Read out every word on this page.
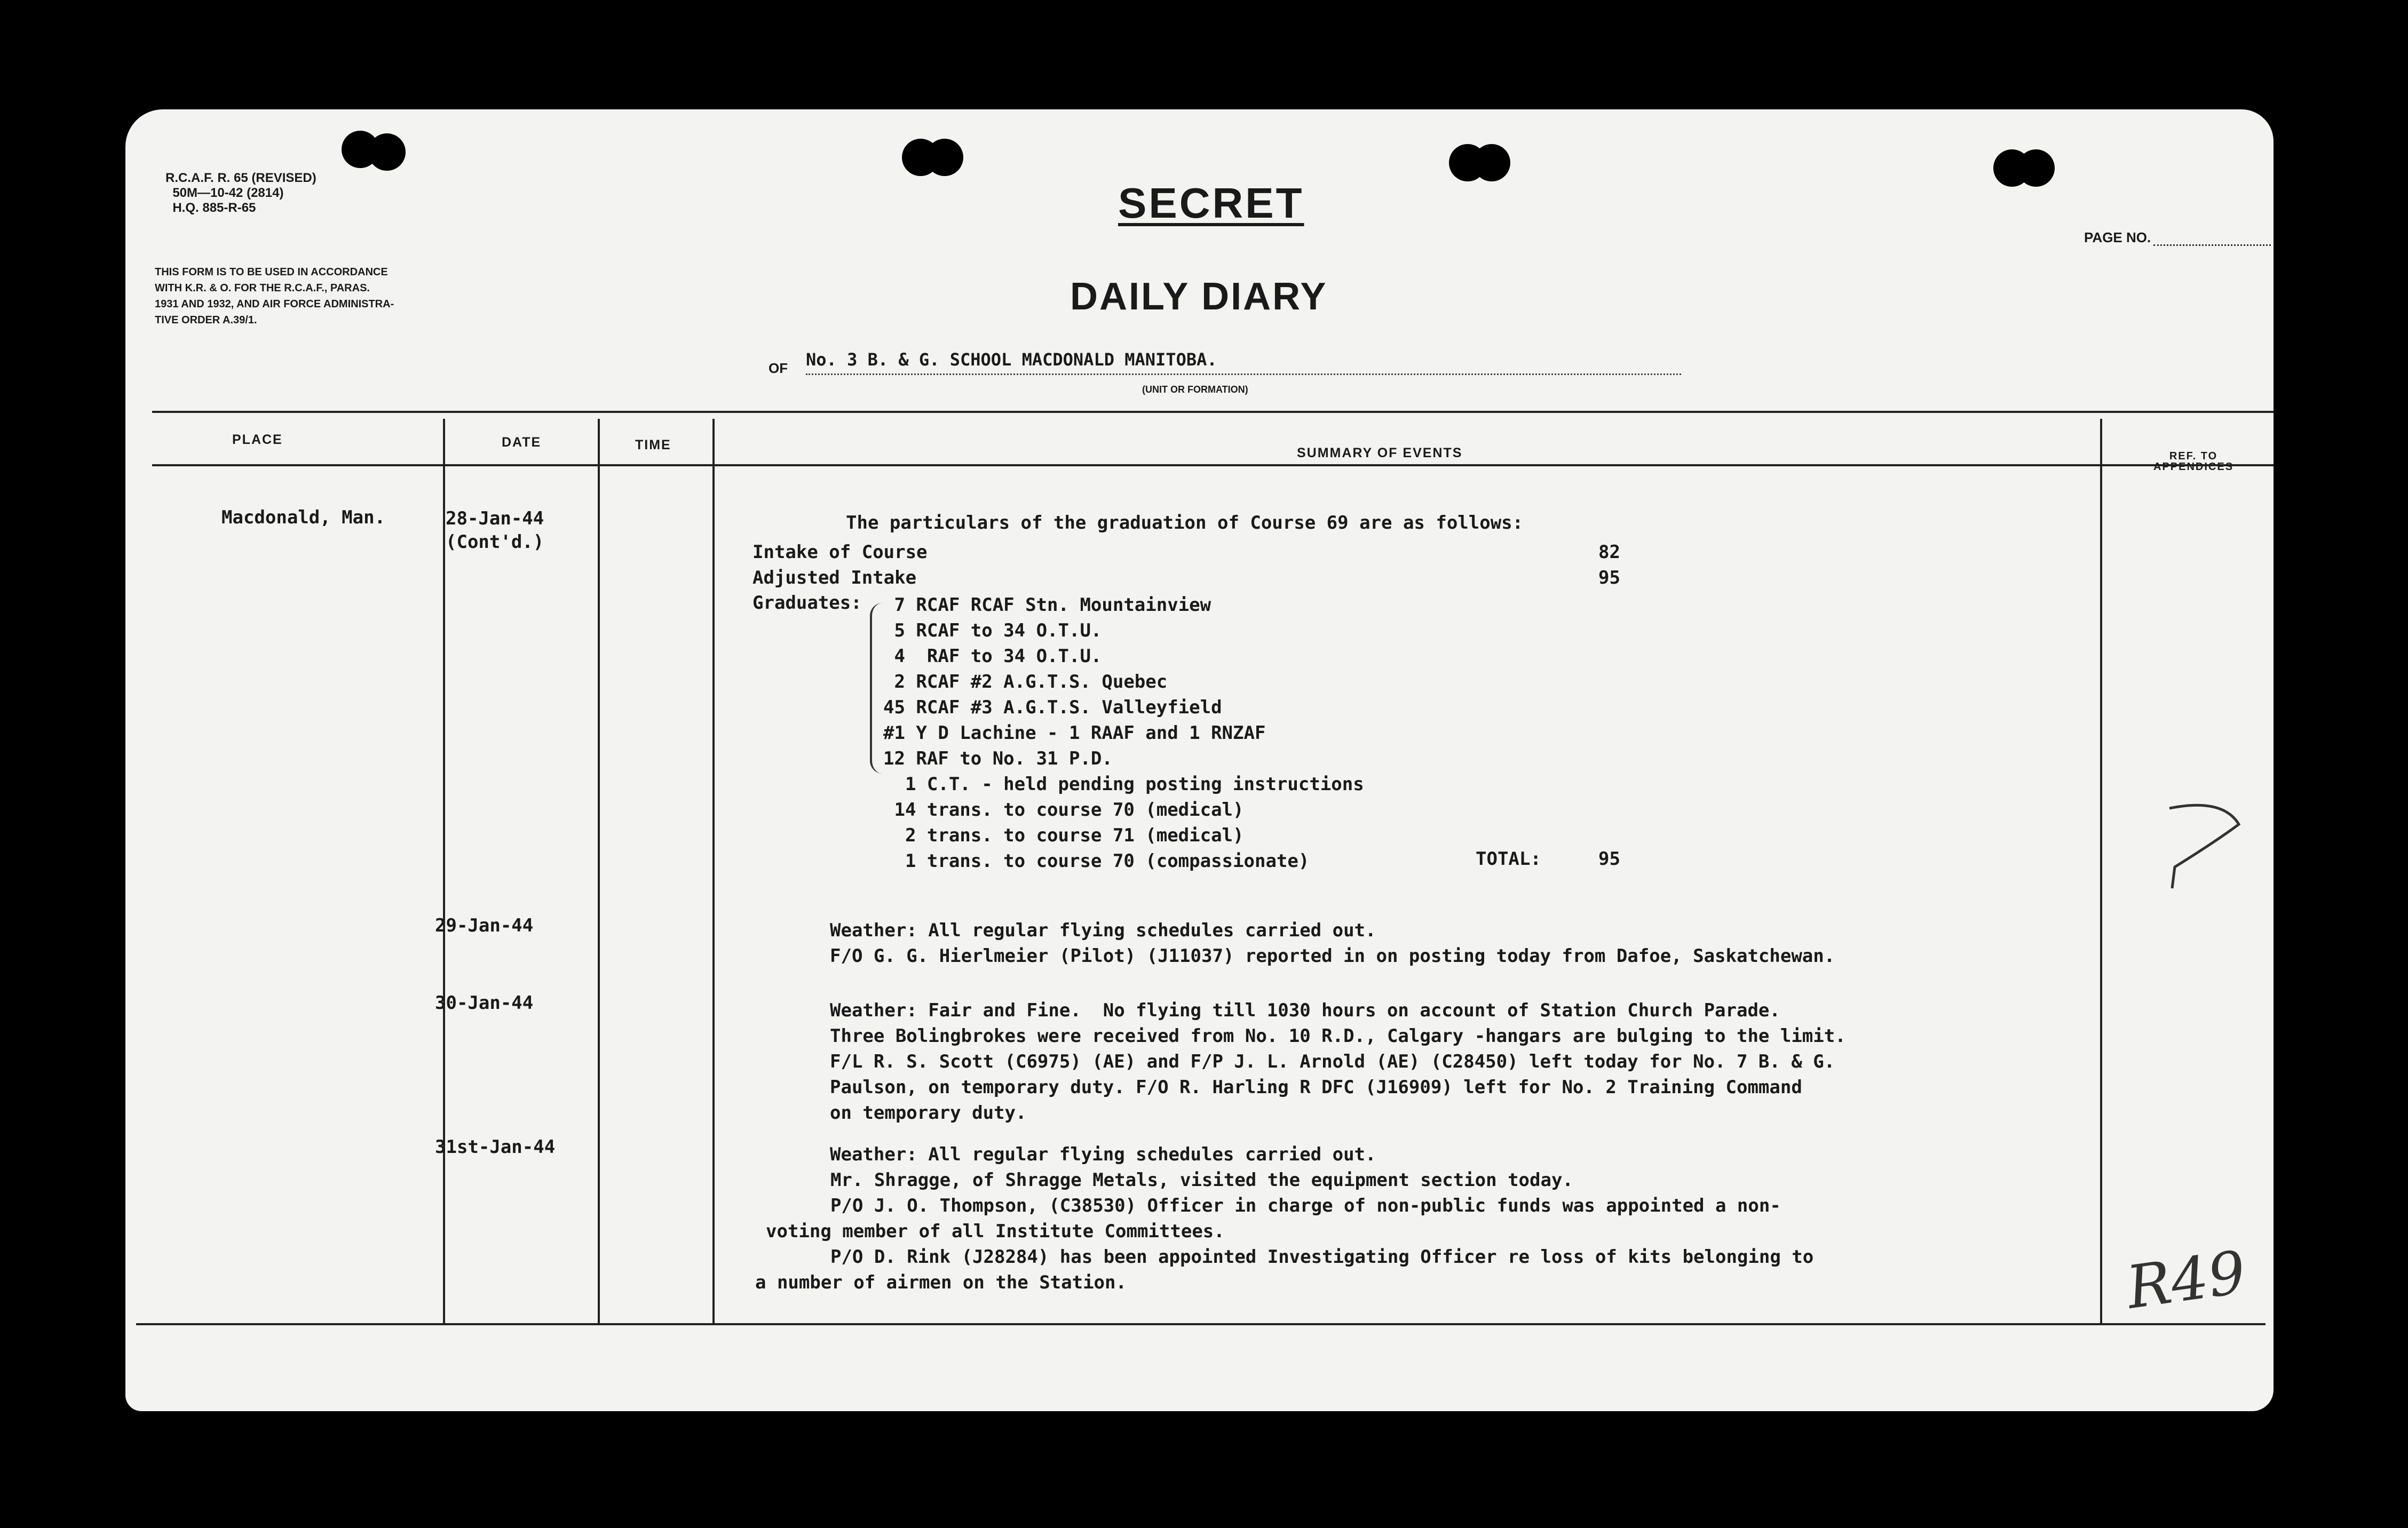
R.C.A.F. R. 65 (REVISED)
50M—10-42 (2814)
H.Q. 885-R-65	SECRET
PAGE NO.
THIS FORM IS TO BE USED IN ACCORDANCE
WITH K.R. & O. FOR THE R.C.A.F., PARAS.
1931 AND 1932, AND AIR FORCE ADMINISTRA-
TIVE ORDER A.39/1.
DAILY DIARY
OF No. 3 B. & G. SCHOOL MACDONALD MANITOBA.
(UNIT OR FORMATION)
PLACE	DATE	TIME
SUMMARY OF EVENTS	REF. TO
APPENDICES
Macdonald, Man.	28-Jan-44
(Cont'd.)
The particulars of the graduation of Course 69 are as follows:
Intake of Course	82
Adjusted Intake	95
Graduates: 7 RCAF RCAF Stn. Mountainview
5 RCAF to 34 O.T.U.
4  RAF to 34 O.T.U.
2 RCAF #2 A.G.T.S. Quebec
45 RCAF #3 A.G.T.S. Valleyfield
#1 Y D Lachine - 1 RAAF and 1 RNZAF
12 RAF to No. 31 P.D.
1 C.T. - held pending posting instructions
14 trans. to course 70 (medical)
2 trans. to course 71 (medical)
1 trans. to course 70 (compassionate)	TOTAL:	95
29-Jan-44	Weather: All regular flying schedules carried out.
F/O G. G. Hierlmeier (Pilot) (J11037) reported in on posting today from Dafoe, Saskatchewan.
30-Jan-44	Weather: Fair and Fine.  No flying till 1030 hours on account of Station Church Parade.
Three Bolingbrokes were received from No. 10 R.D., Calgary -hangars are bulging to the limit.
F/L R. S. Scott (C6975) (AE) and F/P J. L. Arnold (AE) (C28450) left today for No. 7 B. & G.
Paulson, on temporary duty. F/O R. Harling R DFC (J16909) left for No. 2 Training Command
on temporary duty.
31st-Jan-44	Weather: All regular flying schedules carried out.
Mr. Shragge, of Shragge Metals, visited the equipment section today.
P/O J. O. Thompson, (C38530) Officer in charge of non-public funds was appointed a non-
voting member of all Institute Committees.
P/O D. Rink (J28284) has been appointed Investigating Officer re loss of kits belonging to
a number of airmen on the Station.	R49
